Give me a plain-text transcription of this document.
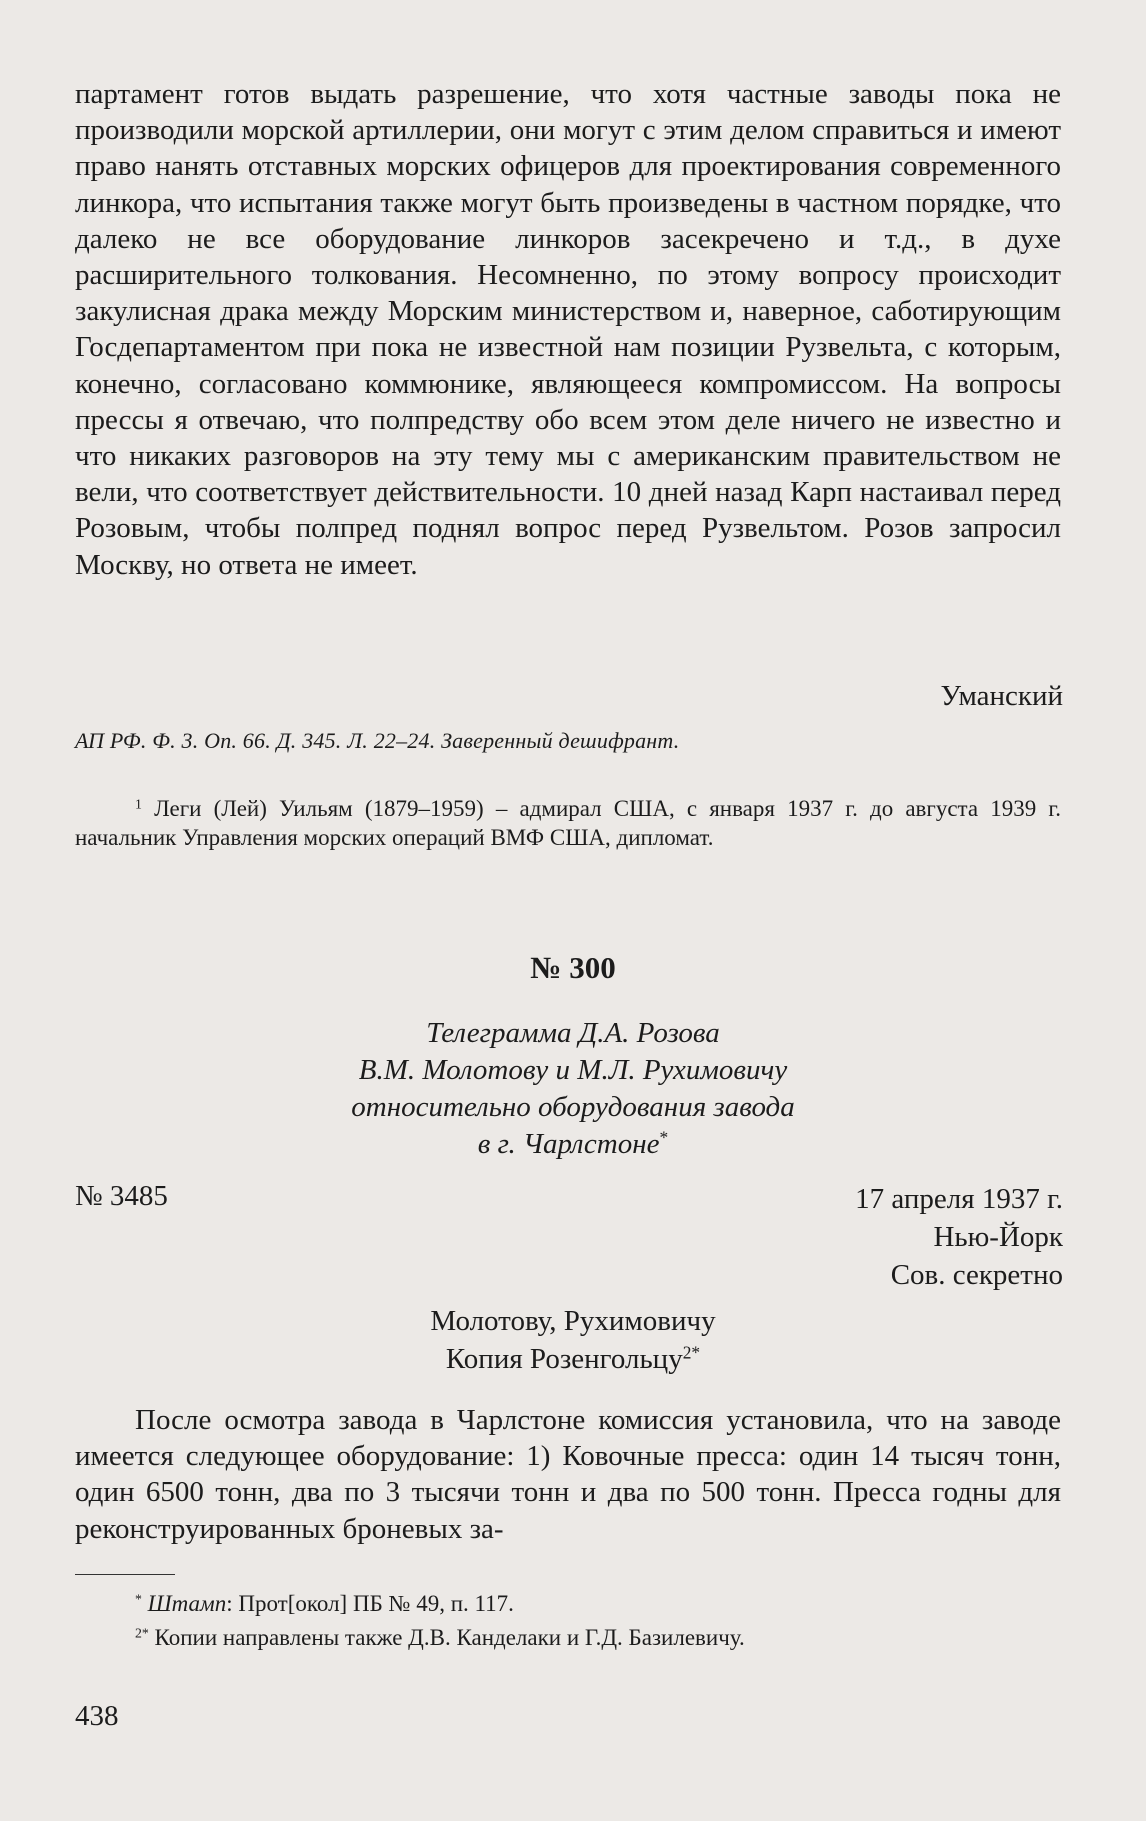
партамент готов выдать разрешение, что хотя частные заводы пока не производили морской артиллерии, они могут с этим делом справиться и имеют право нанять отставных морских офицеров для проектирования современного линкора, что испытания также могут быть произведены в частном порядке, что далеко не все оборудование линкоров засекречено и т.д., в духе расширительного толкования. Несомненно, по этому вопросу происходит закулисная драка между Морским министерством и, наверное, саботирующим Госдепартаментом при пока не известной нам позиции Рузвельта, с которым, конечно, согласовано коммюнике, являющееся компромиссом. На вопросы прессы я отвечаю, что полпредству обо всем этом деле ничего не известно и что никаких разговоров на эту тему мы с американским правительством не вели, что соответствует действительности. 10 дней назад Карп настаивал перед Розовым, чтобы полпред поднял вопрос перед Рузвельтом. Розов запросил Москву, но ответа не имеет.

Уманский
АП РФ. Ф. 3. Оп. 66. Д. 345. Л. 22–24. Заверенный дешифрант.

$^1$ Леги (Лей) Уильям (1879–1959) – адмирал США, с января 1937 г. до августа 1939 г. начальник Управления морских операций ВМФ США, дипломат.

№ 300
Телеграмма Д.А. Розова
В.М. Молотову и М.Л. Рухимовичу
относительно оборудования завода
в г. Чарлстоне*
№ 3485	17 апреля 1937 г.
Нью-Йорк
Сов. секретно
Молотову, Рухимовичу
Копия Розенгольцу$^{2*}$

После осмотра завода в Чарлстоне комиссия установила, что на заводе имеется следующее оборудование: 1) Ковочные пресса: один 14 тысяч тонн, один 6500 тонн, два по 3 тысячи тонн и два по 500 тонн. Пресса годны для реконструированных броневых за-

* Штамп: Прот[окол] ПБ № 49, п. 117.
$^{2*}$ Копии направлены также Д.В. Канделаки и Г.Д. Базилевичу.
438
